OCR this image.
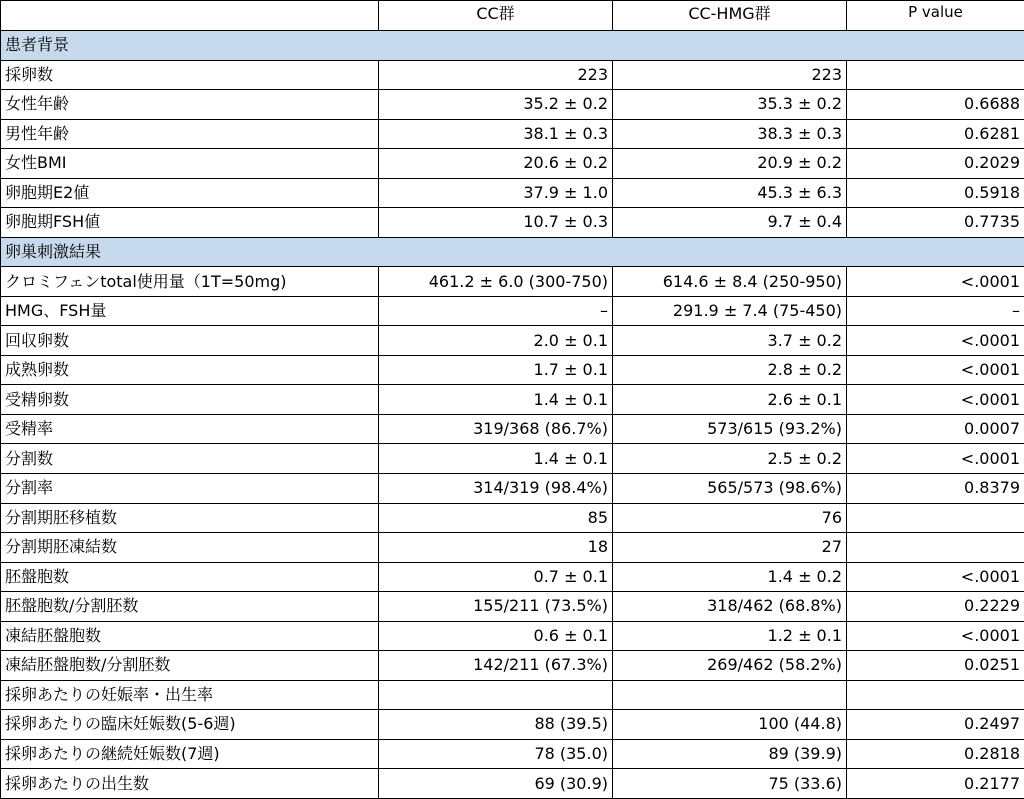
	CC群	CC-HMG群	P value
患者背景			
採卵数	223	223	
女性年齢	35.2 ± 0.2	35.3 ± 0.2	0.6688
男性年齢	38.1 ± 0.3	38.3 ± 0.3	0.6281
女性BMI	20.6 ± 0.2	20.9 ± 0.2	0.2029
卵胞期E2値	37.9 ± 1.0	45.3 ± 6.3	0.5918
卵胞期FSH値	10.7 ± 0.3	9.7 ± 0.4	0.7735
卵巣刺激結果			
クロミフェンtotal使用量（1T=50mg)	461.2 ± 6.0 (300-750)	614.6 ± 8.4 (250-950)	<.0001
HMG、FSH量	–	291.9 ± 7.4 (75-450)	–
回収卵数	2.0 ± 0.1	3.7 ± 0.2	<.0001
成熟卵数	1.7 ± 0.1	2.8 ± 0.2	<.0001
受精卵数	1.4 ± 0.1	2.6 ± 0.1	<.0001
受精率	319/368 (86.7%)	573/615 (93.2%)	0.0007
分割数	1.4 ± 0.1	2.5 ± 0.2	<.0001
分割率	314/319 (98.4%)	565/573 (98.6%)	0.8379
分割期胚移植数	85	76	
分割期胚凍結数	18	27	
胚盤胞数	0.7 ± 0.1	1.4 ± 0.2	<.0001
胚盤胞数/分割胚数	155/211 (73.5%)	318/462 (68.8%)	0.2229
凍結胚盤胞数	0.6 ± 0.1	1.2 ± 0.1	<.0001
凍結胚盤胞数/分割胚数	142/211 (67.3%)	269/462 (58.2%)	0.0251
採卵あたりの妊娠率・出生率			
採卵あたりの臨床妊娠数(5-6週)	88 (39.5)	100 (44.8)	0.2497
採卵あたりの継続妊娠数(7週)	78 (35.0)	89 (39.9)	0.2818
採卵あたりの出生数	69 (30.9)	75 (33.6)	0.2177
